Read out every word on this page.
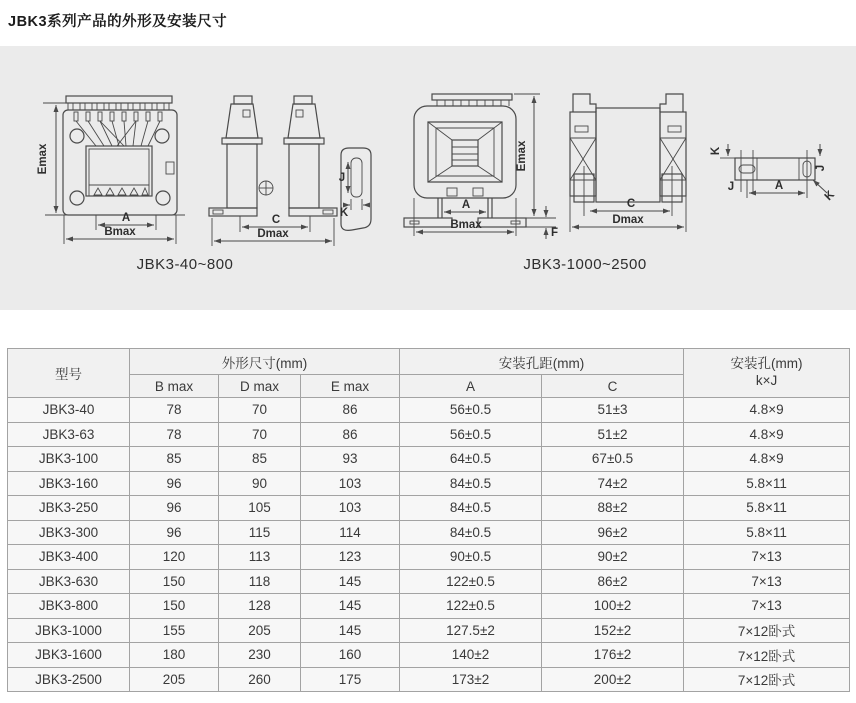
JBK3系列产品的外形及安装尺寸
Emax
A
Bmax
C
Dmax
J
K
Emax
F
A
Bmax
C
Dmax
K
J
J	A
K
JBK3-40~800	JBK3-1000~2500
型号	外形尺寸(mm)			安装孔距(mm)		安装孔(mm)
k×J

	B max	D max	E max	A	C	
JBK3-40	78	70	86	56±0.5	51±3	4.8×9
JBK3-63	78	70	86	56±0.5	51±2	4.8×9
JBK3-100	85	85	93	64±0.5	67±0.5	4.8×9
JBK3-160	96	90	103	84±0.5	74±2	5.8×11
JBK3-250	96	105	103	84±0.5	88±2	5.8×11
JBK3-300	96	115	114	84±0.5	96±2	5.8×11
JBK3-400	120	113	123	90±0.5	90±2	7×13
JBK3-630	150	118	145	122±0.5	86±2	7×13
JBK3-800	150	128	145	122±0.5	100±2	7×13
JBK3-1000	155	205	145	127.5±2	152±2	7×12卧式
JBK3-1600	180	230	160	140±2	176±2	7×12卧式
JBK3-2500	205	260	175	173±2	200±2	7×12卧式
